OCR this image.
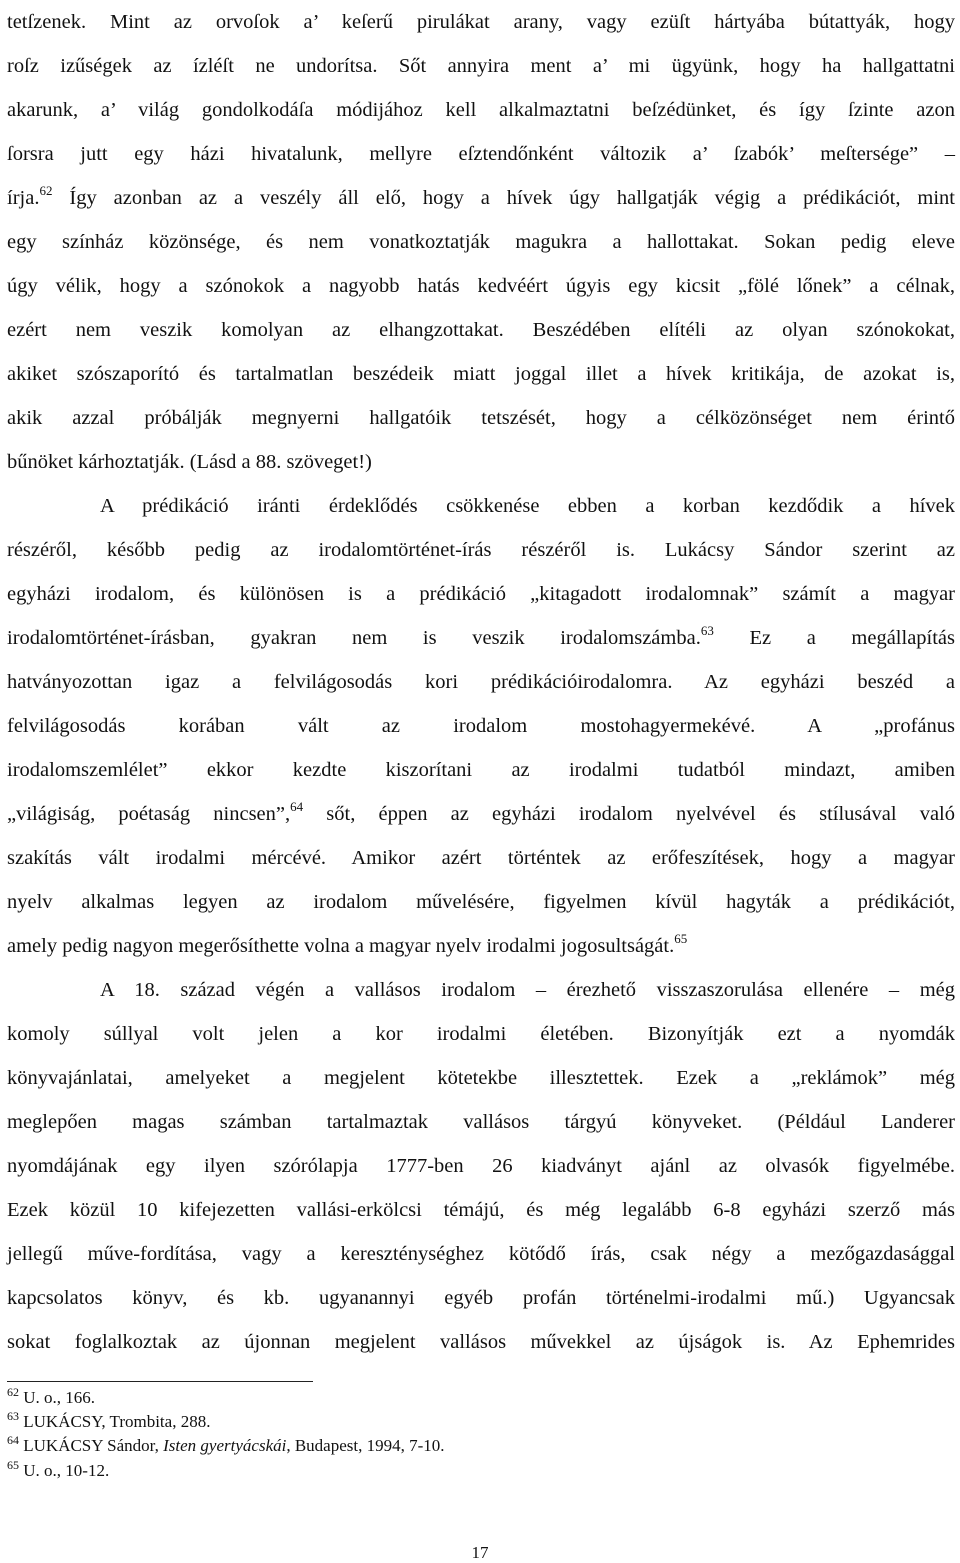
tetſzenek. Mint az orvoſok a’ keſerű pirulákat arany, vagy ezüſt hártyába bútattyák, hogy
roſz izűségek az ízléſt ne undorítsa. Sőt annyira ment a’ mi ügyünk, hogy ha hallgattatni
akarunk, a’ világ gondolkodáſa módijához kell alkalmaztatni beſzédünket, és így ſzinte azon
ſorsra jutt egy házi hivatalunk, mellyre eſztendőnként változik a’ ſzabók’ meſtersége” –
írja.$^{62}$ Így azonban az a veszély áll elő, hogy a hívek úgy hallgatják végig a prédikációt, mint
egy színház közönsége, és nem vonatkoztatják magukra a hallottakat. Sokan pedig eleve
úgy vélik, hogy a szónokok a nagyobb hatás kedvéért úgyis egy kicsit „fölé lőnek” a célnak,
ezért nem veszik komolyan az elhangzottakat. Beszédében elítéli az olyan szónokokat,
akiket szószaporító és tartalmatlan beszédeik miatt joggal illet a hívek kritikája, de azokat is,
akik azzal próbálják megnyerni hallgatóik tetszését, hogy a célközönséget nem érintő
bűnöket kárhoztatják. (Lásd a 88. szöveget!)
A prédikáció iránti érdeklődés csökkenése ebben a korban kezdődik a hívek
részéről, később pedig az irodalomtörténet-írás részéről is. Lukácsy Sándor szerint az
egyházi irodalom, és különösen is a prédikáció „kitagadott irodalomnak” számít a magyar
irodalomtörténet-írásban, gyakran nem is veszik irodalomszámba.$^{63}$ Ez a megállapítás
hatványozottan igaz a felvilágosodás kori prédikációirodalomra. Az egyházi beszéd a
felvilágosodás korában vált az irodalom mostohagyermekévé. A „profánus
irodalomszemlélet” ekkor kezdte kiszorítani az irodalmi tudatból mindazt, amiben
„világiság, poétaság nincsen”,$^{64}$ sőt, éppen az egyházi irodalom nyelvével és stílusával való
szakítás vált irodalmi mércévé. Amikor azért történtek az erőfeszítések, hogy a magyar
nyelv alkalmas legyen az irodalom művelésére, figyelmen kívül hagyták a prédikációt,
amely pedig nagyon megerősíthette volna a magyar nyelv irodalmi jogosultságát.$^{65}$
A 18. század végén a vallásos irodalom – érezhető visszaszorulása ellenére – még
komoly súllyal volt jelen a kor irodalmi életében. Bizonyítják ezt a nyomdák
könyvajánlatai, amelyeket a megjelent kötetekbe illesztettek. Ezek a „reklámok” még
meglepően magas számban tartalmaztak vallásos tárgyú könyveket. (Például Landerer
nyomdájának egy ilyen szórólapja 1777-ben 26 kiadványt ajánl az olvasók figyelmébe.
Ezek közül 10 kifejezetten vallási-erkölcsi témájú, és még legalább 6-8 egyházi szerző más
jellegű műve-fordítása, vagy a kereszténységhez kötődő írás, csak négy a mezőgazdasággal
kapcsolatos könyv, és kb. ugyanannyi egyéb profán történelmi-irodalmi mű.) Ugyancsak
sokat foglalkoztak az újonnan megjelent vallásos művekkel az újságok is. Az Ephemrides
$^{62}$ U. o., 166.
$^{63}$ LUKÁCSY, Trombita, 288.
$^{64}$ LUKÁCSY Sándor, Isten gyertyácskái, Budapest, 1994, 7-10.
$^{65}$ U. o., 10-12.
17
